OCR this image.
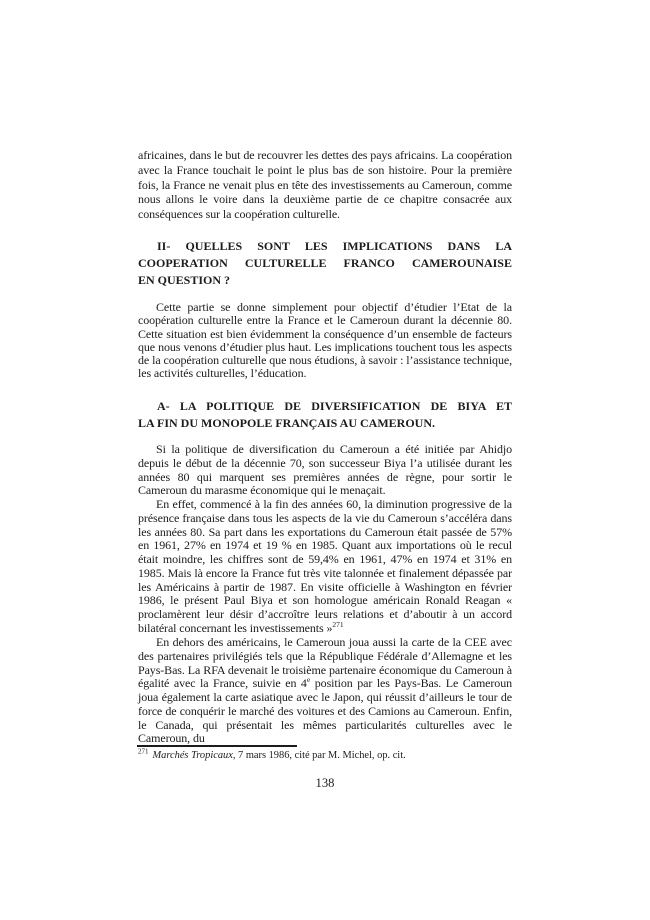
africaines, dans le but de recouvrer les dettes des pays africains. La coopération avec la France touchait le point le plus bas de son histoire. Pour la première fois, la France ne venait plus en tête des investissements au Cameroun, comme nous allons le voire dans la deuxième partie de ce chapitre consacrée aux conséquences sur la coopération culturelle.

II- QUELLES SONT LES IMPLICATIONS DANS LA
COOPERATION CULTURELLE FRANCO CAMEROUNAISE
EN QUESTION ?

Cette partie se donne simplement pour objectif d’étudier l’Etat de la coopération culturelle entre la France et le Cameroun durant la décennie 80. Cette situation est bien évidemment la conséquence d’un ensemble de facteurs que nous venons d’étudier plus haut. Les implications touchent tous les aspects de la coopération culturelle que nous étudions, à savoir : l’assistance technique, les activités culturelles, l’éducation.

A- LA POLITIQUE DE DIVERSIFICATION DE BIYA ET
LA FIN DU MONOPOLE FRANÇAIS AU CAMEROUN.

Si la politique de diversification du Cameroun a été initiée par Ahidjo depuis le début de la décennie 70, son successeur Biya l’a utilisée durant les années 80 qui marquent ses premières années de règne, pour sortir le Cameroun du marasme économique qui le menaçait.

En effet, commencé à la fin des années 60, la diminution progressive de la présence française dans tous les aspects de la vie du Cameroun s’accéléra dans les années 80. Sa part dans les exportations du Cameroun était passée de 57% en 1961, 27% en 1974 et 19 % en 1985. Quant aux importations où le recul était moindre, les chiffres sont de 59,4% en 1961, 47% en 1974 et 31% en 1985. Mais là encore la France fut très vite talonnée et finalement dépassée par les Américains à partir de 1987. En visite officielle à Washington en février 1986, le présent Paul Biya et son homologue américain Ronald Reagan « proclamèrent leur désir d’accroître leurs relations et d’aboutir à un accord bilatéral concernant les investissements »$^{271}$

En dehors des américains, le Cameroun joua aussi la carte de la CEE avec des partenaires privilégiés tels que la République Fédérale d’Allemagne et les Pays-Bas. La RFA devenait le troisième partenaire économique du Cameroun à égalité avec la France, suivie en 4e position par les Pays-Bas. Le Cameroun joua également la carte asiatique avec le Japon, qui réussit d’ailleurs le tour de force de conquérir le marché des voitures et des Camions au Cameroun. Enfin, le Canada, qui présentait les mêmes particularités culturelles avec le Cameroun, du

$^{271}$ Marchés Tropicaux, 7 mars 1986, cité par M. Michel, op. cit.

138
